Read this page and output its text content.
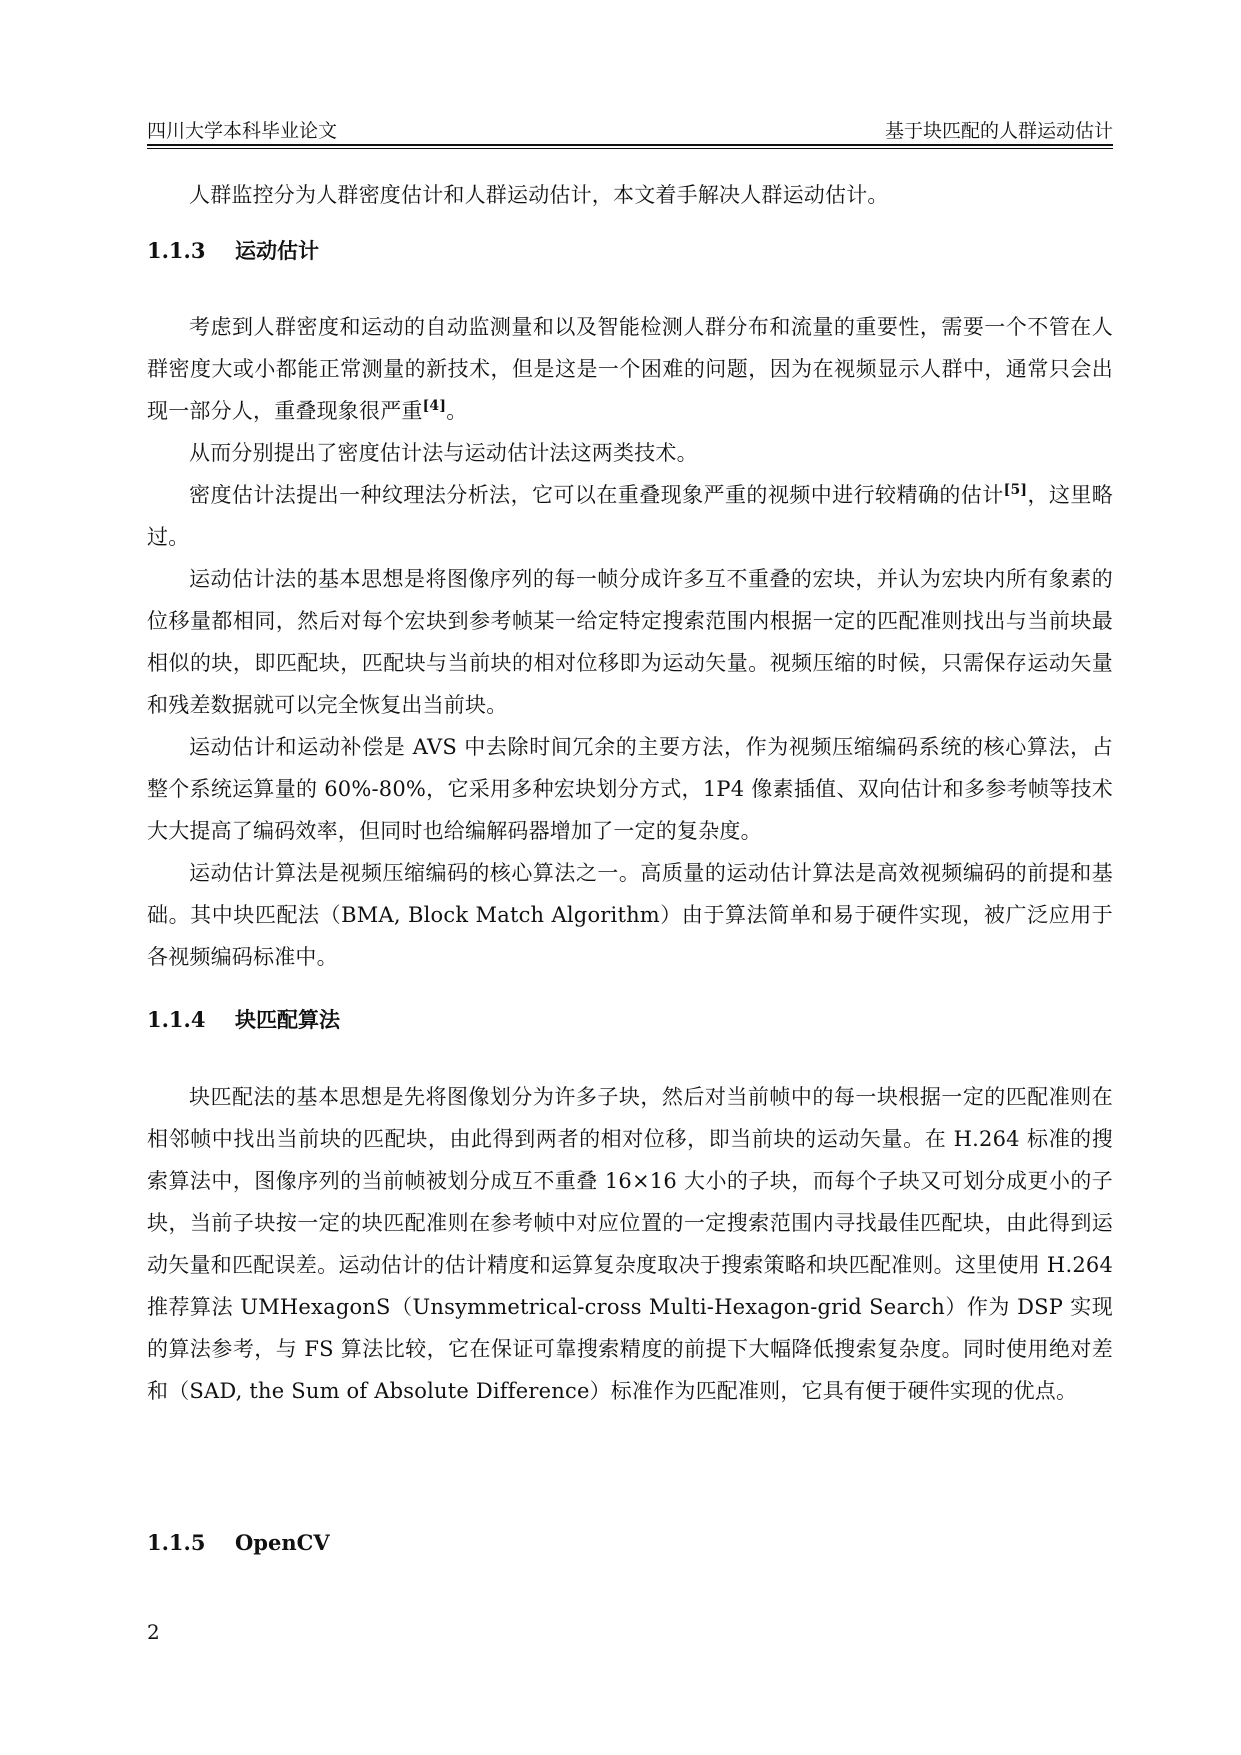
四川大学本科毕业论文	基于块匹配的人群运动估计
人群监控分为人群密度估计和人群运动估计，本文着手解决人群运动估计。
1.1.3 运动估计
考虑到人群密度和运动的自动监测量和以及智能检测人群分布和流量的重要性，需要一个不管在人群密度大或小都能正常测量的新技术，但是这是一个困难的问题，因为在视频显示人群中，通常只会出现一部分人，重叠现象很严重[4]。
从而分别提出了密度估计法与运动估计法这两类技术。
密度估计法提出一种纹理法分析法，它可以在重叠现象严重的视频中进行较精确的估计[5]，这里略过。
运动估计法的基本思想是将图像序列的每一帧分成许多互不重叠的宏块，并认为宏块内所有象素的位移量都相同，然后对每个宏块到参考帧某一给定特定搜索范围内根据一定的匹配准则找出与当前块最相似的块，即匹配块，匹配块与当前块的相对位移即为运动矢量。视频压缩的时候，只需保存运动矢量和残差数据就可以完全恢复出当前块。
运动估计和运动补偿是 AVS 中去除时间冗余的主要方法，作为视频压缩编码系统的核心算法，占整个系统运算量的 60%-80%，它采用多种宏块划分方式，1P4 像素插值、双向估计和多参考帧等技术大大提高了编码效率，但同时也给编解码器增加了一定的复杂度。
运动估计算法是视频压缩编码的核心算法之一。高质量的运动估计算法是高效视频编码的前提和基础。其中块匹配法（BMA, Block Match Algorithm）由于算法简单和易于硬件实现，被广泛应用于各视频编码标准中。
1.1.4 块匹配算法
块匹配法的基本思想是先将图像划分为许多子块，然后对当前帧中的每一块根据一定的匹配准则在相邻帧中找出当前块的匹配块，由此得到两者的相对位移，即当前块的运动矢量。在 H.264 标准的搜索算法中，图像序列的当前帧被划分成互不重叠 16×16 大小的子块，而每个子块又可划分成更小的子块，当前子块按一定的块匹配准则在参考帧中对应位置的一定搜索范围内寻找最佳匹配块，由此得到运动矢量和匹配误差。运动估计的估计精度和运算复杂度取决于搜索策略和块匹配准则。这里使用 H.264 推荐算法 UMHexagonS（Unsymmetrical-cross Multi-Hexagon-grid Search）作为 DSP 实现的算法参考，与 FS 算法比较，它在保证可靠搜索精度的前提下大幅降低搜索复杂度。同时使用绝对差和（SAD, the Sum of Absolute Difference）标准作为匹配准则，它具有便于硬件实现的优点。
1.1.5 OpenCV
2
